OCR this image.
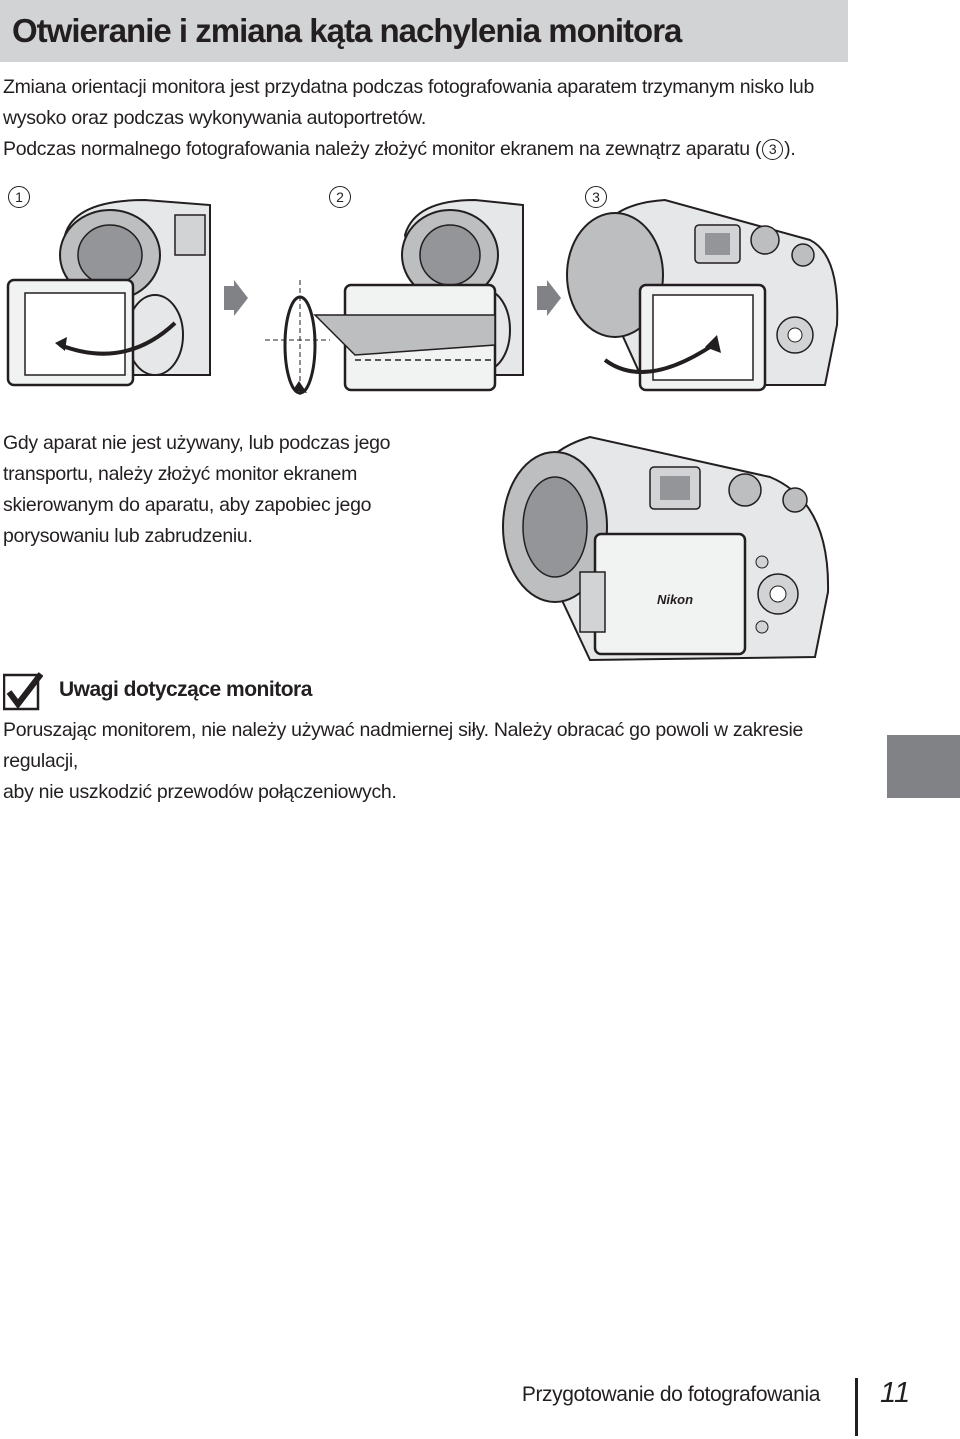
Otwieranie i zmiana kąta nachylenia monitora

Zmiana orientacji monitora jest przydatna podczas fotografowania aparatem trzymanym nisko lub

wysoko oraz podczas wykonywania autoportretów.

Podczas normalnego fotografowania należy złożyć monitor ekranem na zewnątrz aparatu ( 3 ).

1	2	3

Gdy aparat nie jest używany, lub podczas jego

transportu, należy złożyć monitor ekranem

skierowanym do aparatu, aby zapobiec jego

porysowaniu lub zabrudzeniu.

Nikon
Uwagi dotyczące monitora

Poruszając monitorem, nie należy używać nadmiernej siły. Należy obracać go powoli w zakresie regulacji,

aby nie uszkodzić przewodów połączeniowych.

Przygotowanie do fotografowania 11
